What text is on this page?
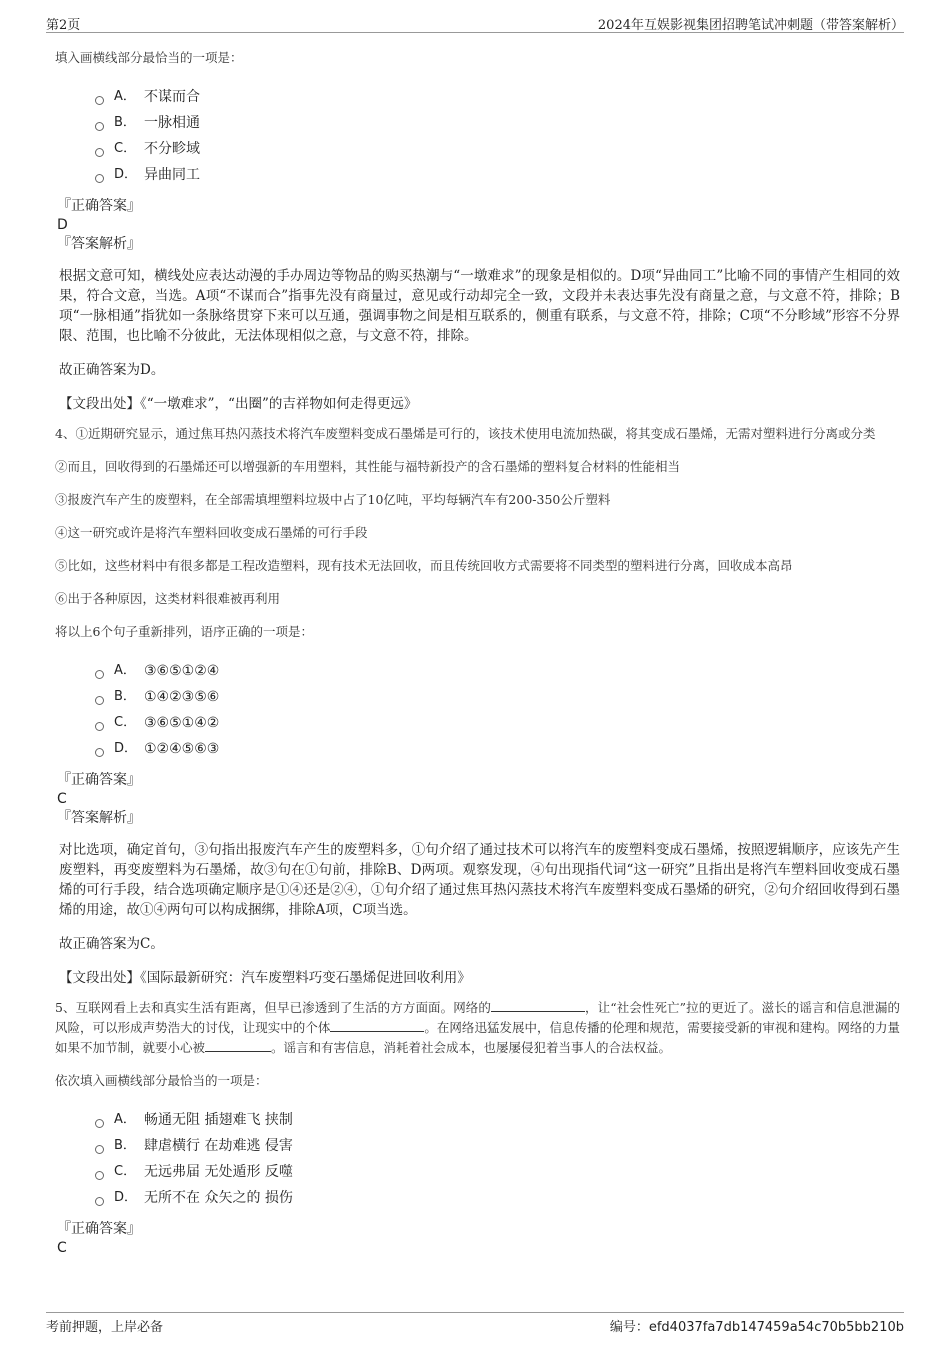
第2页	2024年互娱影视集团招聘笔试冲刺题（带答案解析）
填入画横线部分最恰当的一项是：
A． 不谋而合
B． 一脉相通
C． 不分畛域
D． 异曲同工
『正确答案』
D
『答案解析』
根据文意可知，横线处应表达动漫的手办周边等物品的购买热潮与“一墩难求”的现象是相似的。D项“异曲同工”比喻不同的事情产生相同的效果，符合文意，当选。A项“不谋而合”指事先没有商量过，意见或行动却完全一致，文段并未表达事先没有商量之意，与文意不符，排除；B项“一脉相通”指犹如一条脉络贯穿下来可以互通，强调事物之间是相互联系的，侧重有联系，与文意不符，排除；C项“不分畛域”形容不分界限、范围，也比喻不分彼此，无法体现相似之意，与文意不符，排除。
故正确答案为D。
【文段出处】《“一墩难求”，“出圈”的吉祥物如何走得更远》
4、①近期研究显示，通过焦耳热闪蒸技术将汽车废塑料变成石墨烯是可行的，该技术使用电流加热碳，将其变成石墨烯，无需对塑料进行分离或分类
②而且，回收得到的石墨烯还可以增强新的车用塑料，其性能与福特新投产的含石墨烯的塑料复合材料的性能相当
③报废汽车产生的废塑料，在全部需填埋塑料垃圾中占了10亿吨，平均每辆汽车有200-350公斤塑料
④这一研究或许是将汽车塑料回收变成石墨烯的可行手段
⑤比如，这些材料中有很多都是工程改造塑料，现有技术无法回收，而且传统回收方式需要将不同类型的塑料进行分离，回收成本高昂
⑥出于各种原因，这类材料很难被再利用
将以上6个句子重新排列，语序正确的一项是：
A． ③⑥⑤①②④
B． ①④②③⑤⑥
C． ③⑥⑤①④②
D． ①②④⑤⑥③
『正确答案』
C
『答案解析』
对比选项，确定首句，③句指出报废汽车产生的废塑料多，①句介绍了通过技术可以将汽车的废塑料变成石墨烯，按照逻辑顺序，应该先产生废塑料，再变废塑料为石墨烯，故③句在①句前，排除B、D两项。观察发现，④句出现指代词“这一研究”且指出是将汽车塑料回收变成石墨烯的可行手段，结合选项确定顺序是①④还是②④，①句介绍了通过焦耳热闪蒸技术将汽车废塑料变成石墨烯的研究，②句介绍回收得到石墨烯的用途，故①④两句可以构成捆绑，排除A项，C项当选。
故正确答案为C。
【文段出处】《国际最新研究：汽车废塑料巧变石墨烯促进回收利用》
5、互联网看上去和真实生活有距离，但早已渗透到了生活的方方面面。网络的	，让“社会性死亡”拉的更近了。滋长的谣言和信息泄漏的风险，可以形成声势浩大的讨伐，让现实中的个体	。在网络迅猛发展中，信息传播的伦理和规范，需要接受新的审视和建构。网络的力量如果不加节制，就要小心被	。谣言和有害信息，消耗着社会成本，也屡屡侵犯着当事人的合法权益。
依次填入画横线部分最恰当的一项是：
A． 畅通无阻 插翅难飞 挟制
B． 肆虐横行 在劫难逃 侵害
C． 无远弗届 无处遁形 反噬
D． 无所不在 众矢之的 损伤
『正确答案』
C
考前押题，上岸必备	编号：efd4037fa7db147459a54c70b5bb210b
